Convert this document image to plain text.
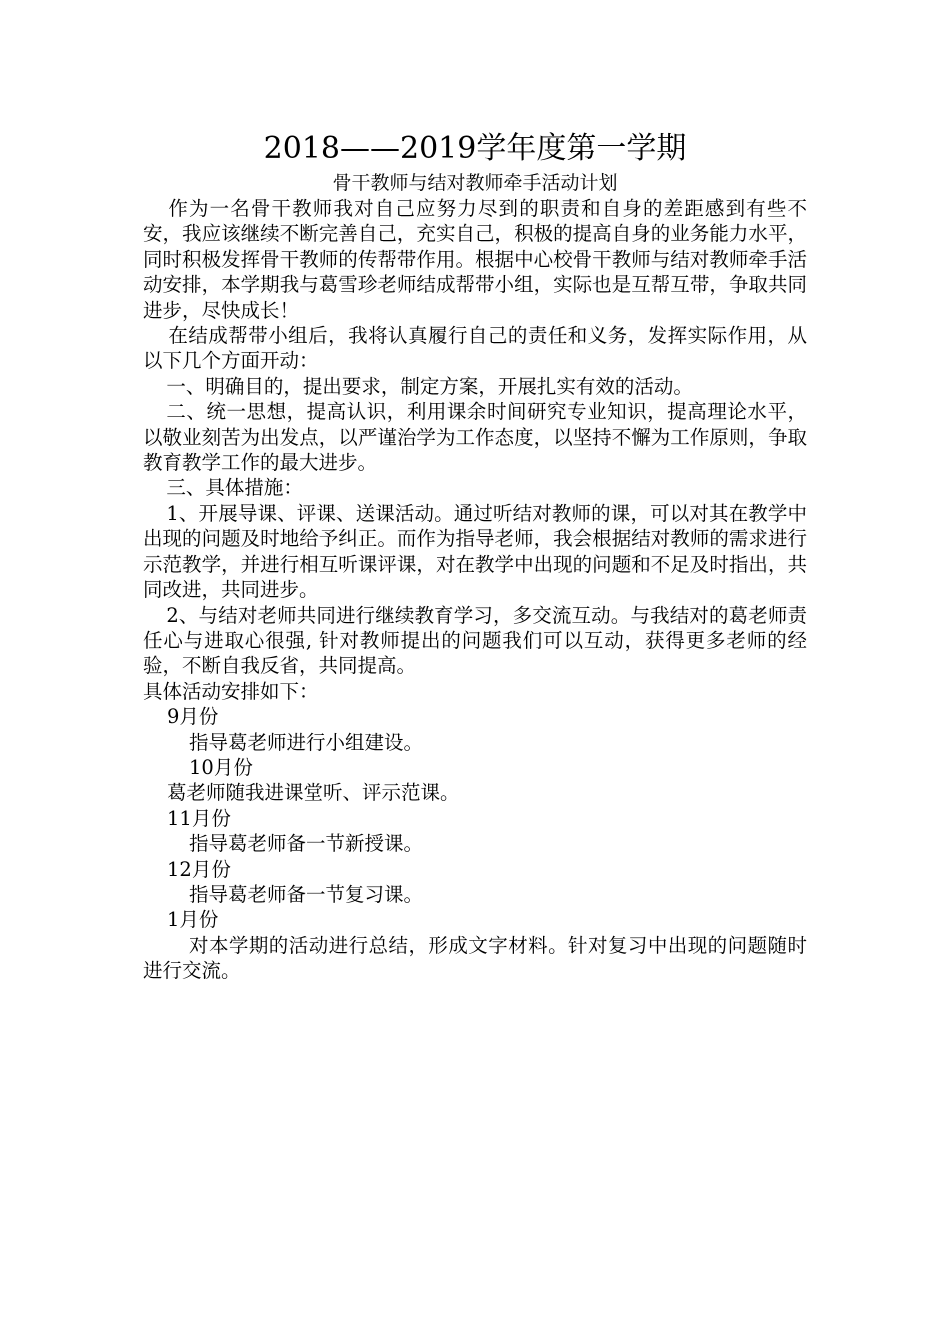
2018——2019学年度第一学期
骨干教师与结对教师牵手活动计划

作为一名骨干教师我对自己应努力尽到的职责和自身的差距感到有些不安，我应该继续不断完善自己，充实自己，积极的提高自身的业务能力水平，同时积极发挥骨干教师的传帮带作用。根据中心校骨干教师与结对教师牵手活动安排，本学期我与葛雪珍老师结成帮带小组，实际也是互帮互带，争取共同进步，尽快成长！

在结成帮带小组后，我将认真履行自己的责任和义务，发挥实际作用，从以下几个方面开动：

一、明确目的，提出要求，制定方案，开展扎实有效的活动。

二、统一思想，提高认识，利用课余时间研究专业知识，提高理论水平，以敬业刻苦为出发点，以严谨治学为工作态度，以坚持不懈为工作原则，争取教育教学工作的最大进步。

三、具体措施：

1、开展导课、评课、送课活动。通过听结对教师的课，可以对其在教学中出现的问题及时地给予纠正。而作为指导老师，我会根据结对教师的需求进行示范教学，并进行相互听课评课，对在教学中出现的问题和不足及时指出，共同改进，共同进步。

2、与结对老师共同进行继续教育学习，多交流互动。与我结对的葛老师责任心与进取心很强, 针对教师提出的问题我们可以互动，获得更多老师的经验，不断自我反省，共同提高。

具体活动安排如下：

9月份

指导葛老师进行小组建设。

10月份

葛老师随我进课堂听、评示范课。

11月份

指导葛老师备一节新授课。

12月份

指导葛老师备一节复习课。

1月份

对本学期的活动进行总结，形成文字材料。针对复习中出现的问题随时进行交流。
